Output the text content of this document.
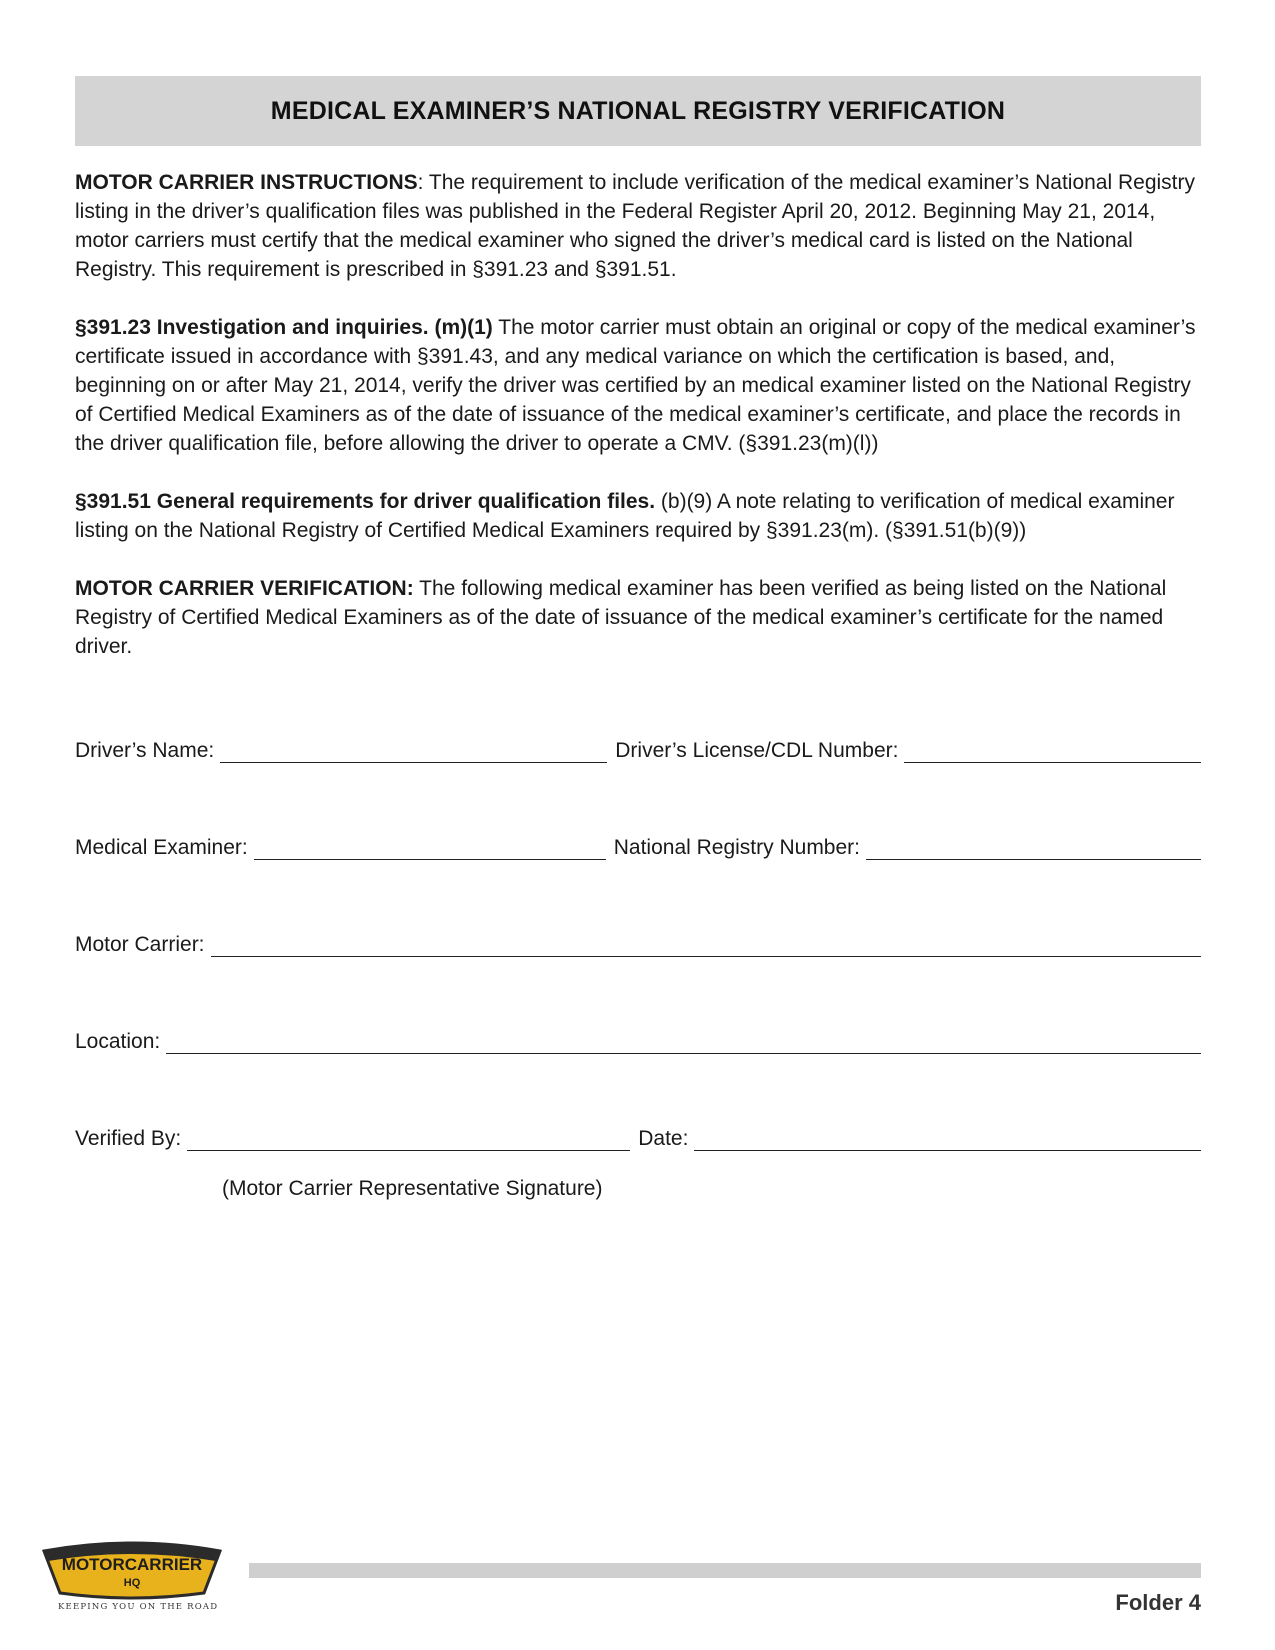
MEDICAL EXAMINER’S NATIONAL REGISTRY VERIFICATION

MOTOR CARRIER INSTRUCTIONS: The requirement to include verification of the medical examiner’s National Registry listing in the driver’s qualification files was published in the Federal Register April 20, 2012. Beginning May 21, 2014, motor carriers must certify that the medical examiner who signed the driver’s medical card is listed on the National Registry. This requirement is prescribed in §391.23 and §391.51.

§391.23 Investigation and inquiries. (m)(1) The motor carrier must obtain an original or copy of the medical examiner’s certificate issued in accordance with §391.43, and any medical variance on which the certification is based, and, beginning on or after May 21, 2014, verify the driver was certified by an medical examiner listed on the National Registry of Certified Medical Examiners as of the date of issuance of the medical examiner’s certificate, and place the records in the driver qualification file, before allowing the driver to operate a CMV. (§391.23(m)(l))

§391.51 General requirements for driver qualification files. (b)(9) A note relating to verification of medical examiner listing on the National Registry of Certified Medical Examiners required by §391.23(m). (§391.51(b)(9))

MOTOR CARRIER VERIFICATION: The following medical examiner has been verified as being listed on the National Registry of Certified Medical Examiners as of the date of issuance of the medical examiner’s certificate for the named driver.

Driver’s Name:	Driver’s License/CDL Number:
Medical Examiner:	National Registry Number:
Motor Carrier:
Location:
Verified By:	Date:
(Motor Carrier Representative Signature)
MOTORCARRIER
HQ
KEEPING YOU ON THE ROAD	Folder 4
